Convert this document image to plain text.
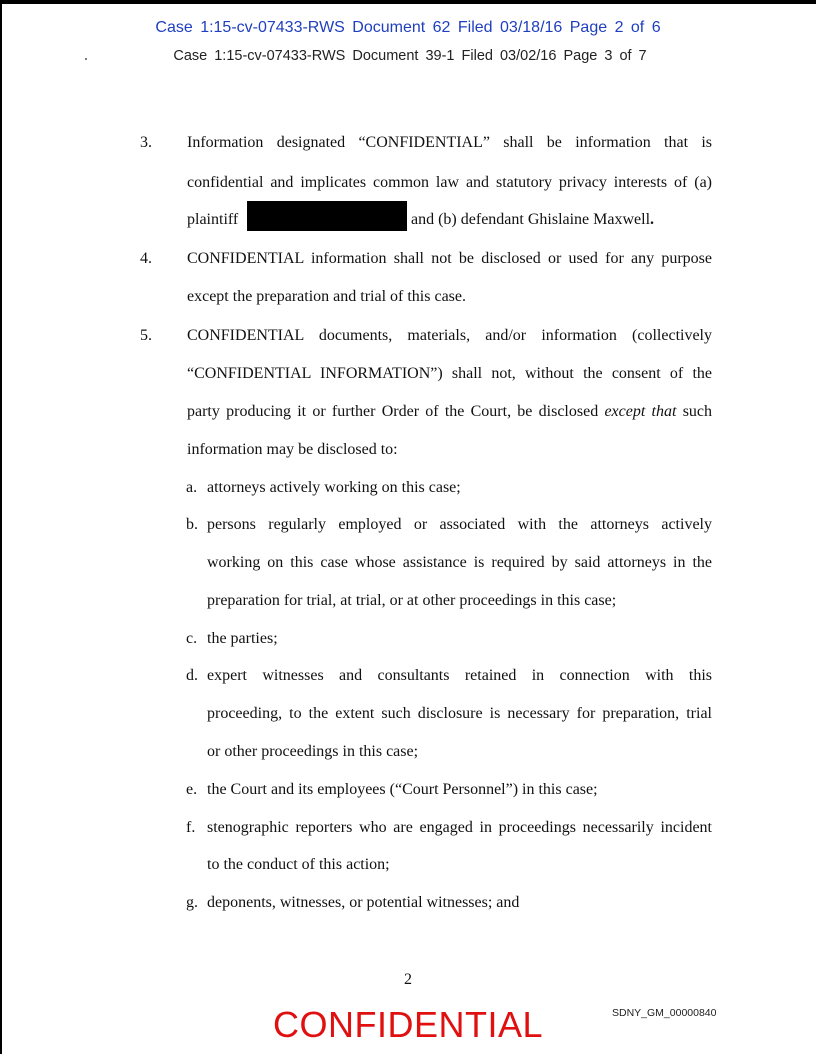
Case 1:15-cv-07433-RWS Document 62 Filed 03/18/16 Page 2 of 6
Case 1:15-cv-07433-RWS Document 39-1 Filed 03/02/16 Page 3 of 7
3. Information designated “CONFIDENTIAL” shall be information that is
confidential and implicates common law and statutory privacy interests of (a)
plaintiff	and (b) defendant Ghislaine Maxwell.
4. CONFIDENTIAL information shall not be disclosed or used for any purpose
except the preparation and trial of this case.
5. CONFIDENTIAL documents, materials, and/or information (collectively
“CONFIDENTIAL INFORMATION”) shall not, without the consent of the
party producing it or further Order of the Court, be disclosed except that such
information may be disclosed to:
a. attorneys actively working on this case;
b. persons regularly employed or associated with the attorneys actively
working on this case whose assistance is required by said attorneys in the
preparation for trial, at trial, or at other proceedings in this case;
c. the parties;
d. expert witnesses and consultants retained in connection with this
proceeding, to the extent such disclosure is necessary for preparation, trial
or other proceedings in this case;
e. the Court and its employees (“Court Personnel”) in this case;
f. stenographic reporters who are engaged in proceedings necessarily incident
to the conduct of this action;
g. deponents, witnesses, or potential witnesses; and
2
CONFIDENTIAL	SDNY_GM_00000840
